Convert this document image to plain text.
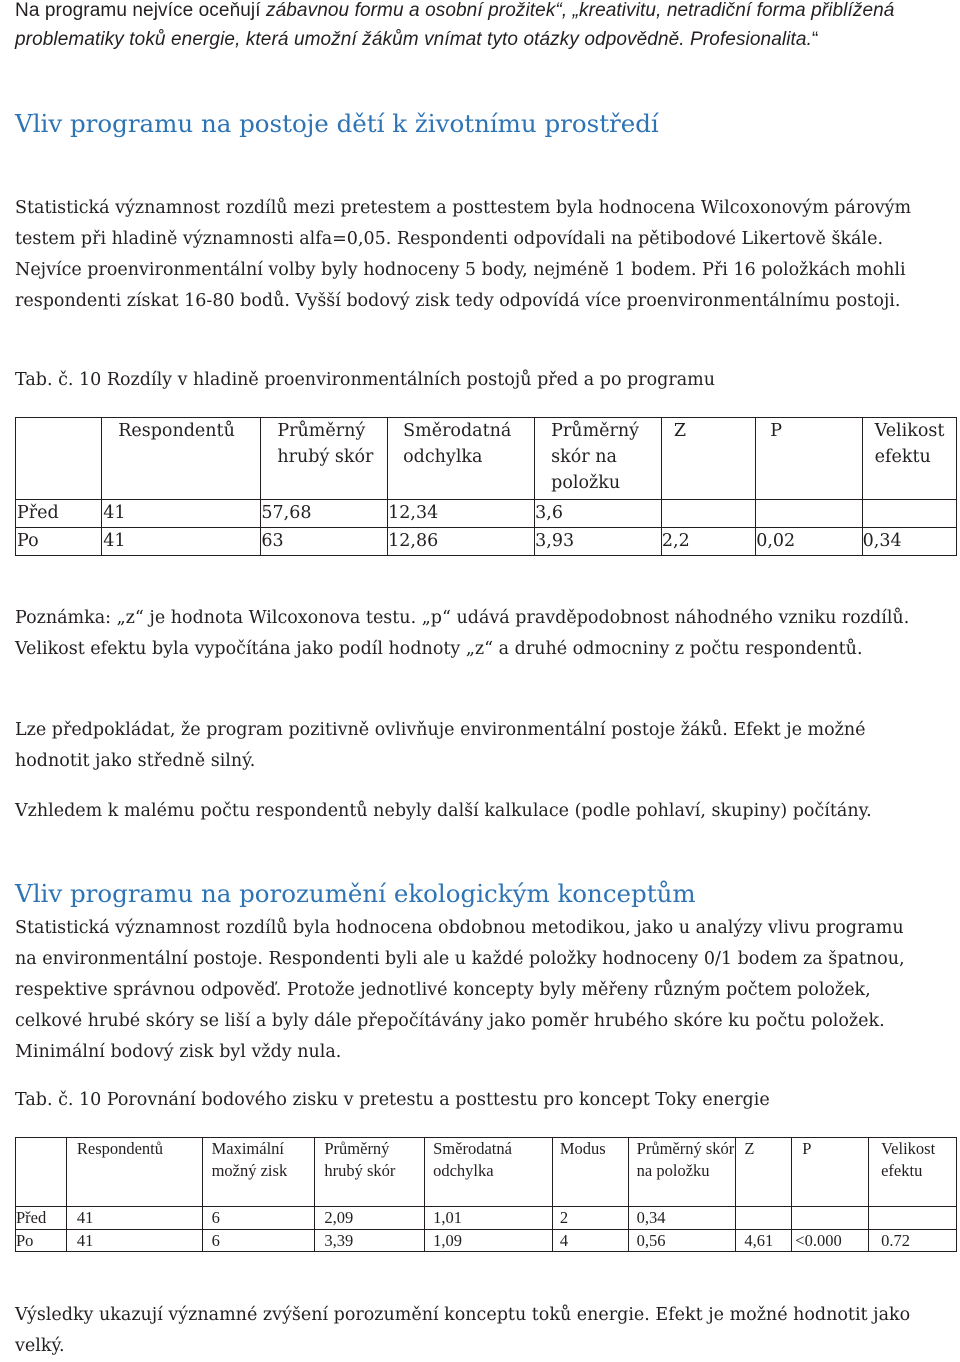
Na programu nejvíce oceňují zábavnou formu a osobní prožitek“, „kreativitu, netradiční forma přiblížená problematiky toků energie, která umožní žákům vnímat tyto otázky odpovědně. Profesionalita.“
Vliv programu na postoje dětí k životnímu prostředí
Statistická významnost rozdílů mezi pretestem a posttestem byla hodnocena Wilcoxonovým párovým testem při hladině významnosti alfa=0,05. Respondenti odpovídali na pětibodové Likertově škále. Nejvíce proenvironmentální volby byly hodnoceny 5 body, nejméně 1 bodem. Při 16 položkách mohli respondenti získat 16-80 bodů. Vyšší bodový zisk tedy odpovídá více proenvironmentálnímu postoji.
Tab. č. 10 Rozdíly v hladině proenvironmentálních postojů před a po programu
	Respondentů	Průměrný hrubý skór	Směrodatná odchylka	Průměrný skór na položku	Z	P	Velikost efektu
Před	41	57,68	12,34	3,6			
Po	41	63	12,86	3,93	2,2	0,02	0,34
Poznámka: „z“ je hodnota Wilcoxonova testu. „p“ udává pravděpodobnost náhodného vzniku rozdílů. Velikost efektu byla vypočítána jako podíl hodnoty „z“ a druhé odmocniny z počtu respondentů.
Lze předpokládat, že program pozitivně ovlivňuje environmentální postoje žáků. Efekt je možné hodnotit jako středně silný.
Vzhledem k malému počtu respondentů nebyly další kalkulace (podle pohlaví, skupiny) počítány.
Vliv programu na porozumění ekologickým konceptům
Statistická významnost rozdílů byla hodnocena obdobnou metodikou, jako u analýzy vlivu programu na environmentální postoje. Respondenti byli ale u každé položky hodnoceny 0/1 bodem za špatnou, respektive správnou odpověď. Protože jednotlivé koncepty byly měřeny různým počtem položek, celkové hrubé skóry se liší a byly dále přepočítávány jako poměr hrubého skóre ku počtu položek. Minimální bodový zisk byl vždy nula.
Tab. č. 10 Porovnání bodového zisku v pretestu a posttestu pro koncept Toky energie
	Respondentů	Maximální možný zisk	Průměrný hrubý skór	Směrodatná odchylka	Modus	Průměrný skór na položku	Z	P	Velikost efektu
Před	41	6	2,09	1,01	2	0,34			
Po	41	6	3,39	1,09	4	0,56	4,61	<0.000	0.72
Výsledky ukazují významné zvýšení porozumění konceptu toků energie. Efekt je možné hodnotit jako velký.
